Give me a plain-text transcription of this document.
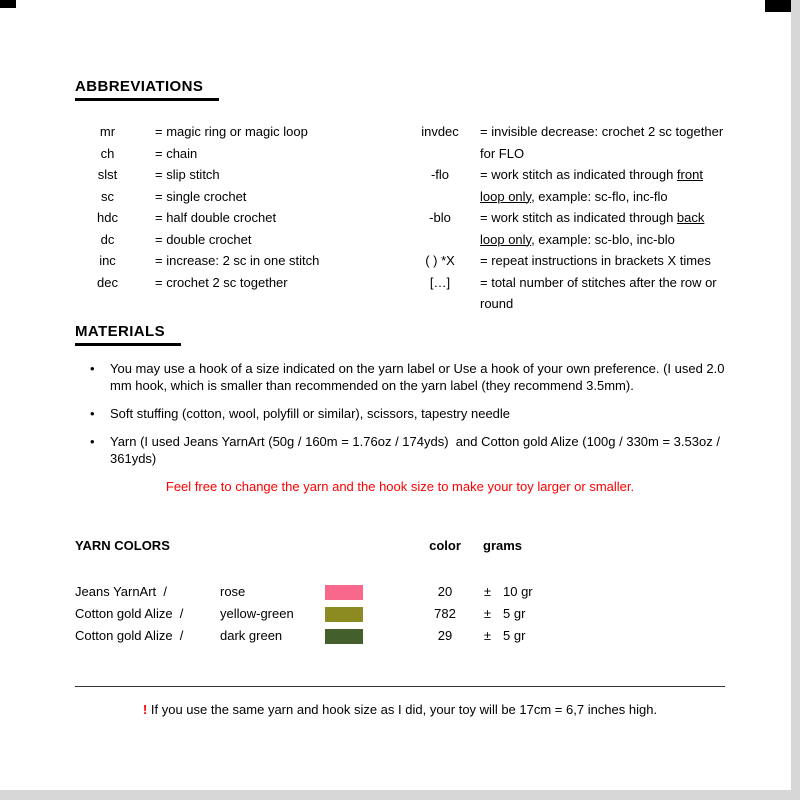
ABBREVIATIONS
mr	= magic ring or magic loop
ch	= chain
slst	= slip stitch
sc	= single crochet
hdc	= half double crochet
dc	= double crochet
inc	= increase: 2 sc in one stitch
dec	= crochet 2 sc together
invdec	= invisible decrease: crochet 2 sc together for FLO
-flo	= work stitch as indicated through front loop only, example: sc-flo, inc-flo
-blo	= work stitch as indicated through back loop only, example: sc-blo, inc-blo
( ) *X	= repeat instructions in brackets X times
[…]	= total number of stitches after the row or round
MATERIALS
•	You may use a hook of a size indicated on the yarn label or Use a hook of your own preference. (I used 2.0 mm hook, which is smaller than recommended on the yarn label (they recommend 3.5mm).
•	Soft stuffing (cotton, wool, polyfill or similar), scissors, tapestry needle
•	Yarn (I used Jeans YarnArt (50g / 160m = 1.76oz / 174yds)  and Cotton gold Alize (100g / 330m = 3.53oz / 361yds)
Feel free to change the yarn and the hook size to make your toy larger or smaller.
YARN COLORS	color	grams
Jeans YarnArt  /	rose	20	± 10 gr
Cotton gold Alize  /	yellow-green	782	± 5 gr
Cotton gold Alize  /	dark green	29	± 5 gr
! If you use the same yarn and hook size as I did, your toy will be 17cm = 6,7 inches high.
